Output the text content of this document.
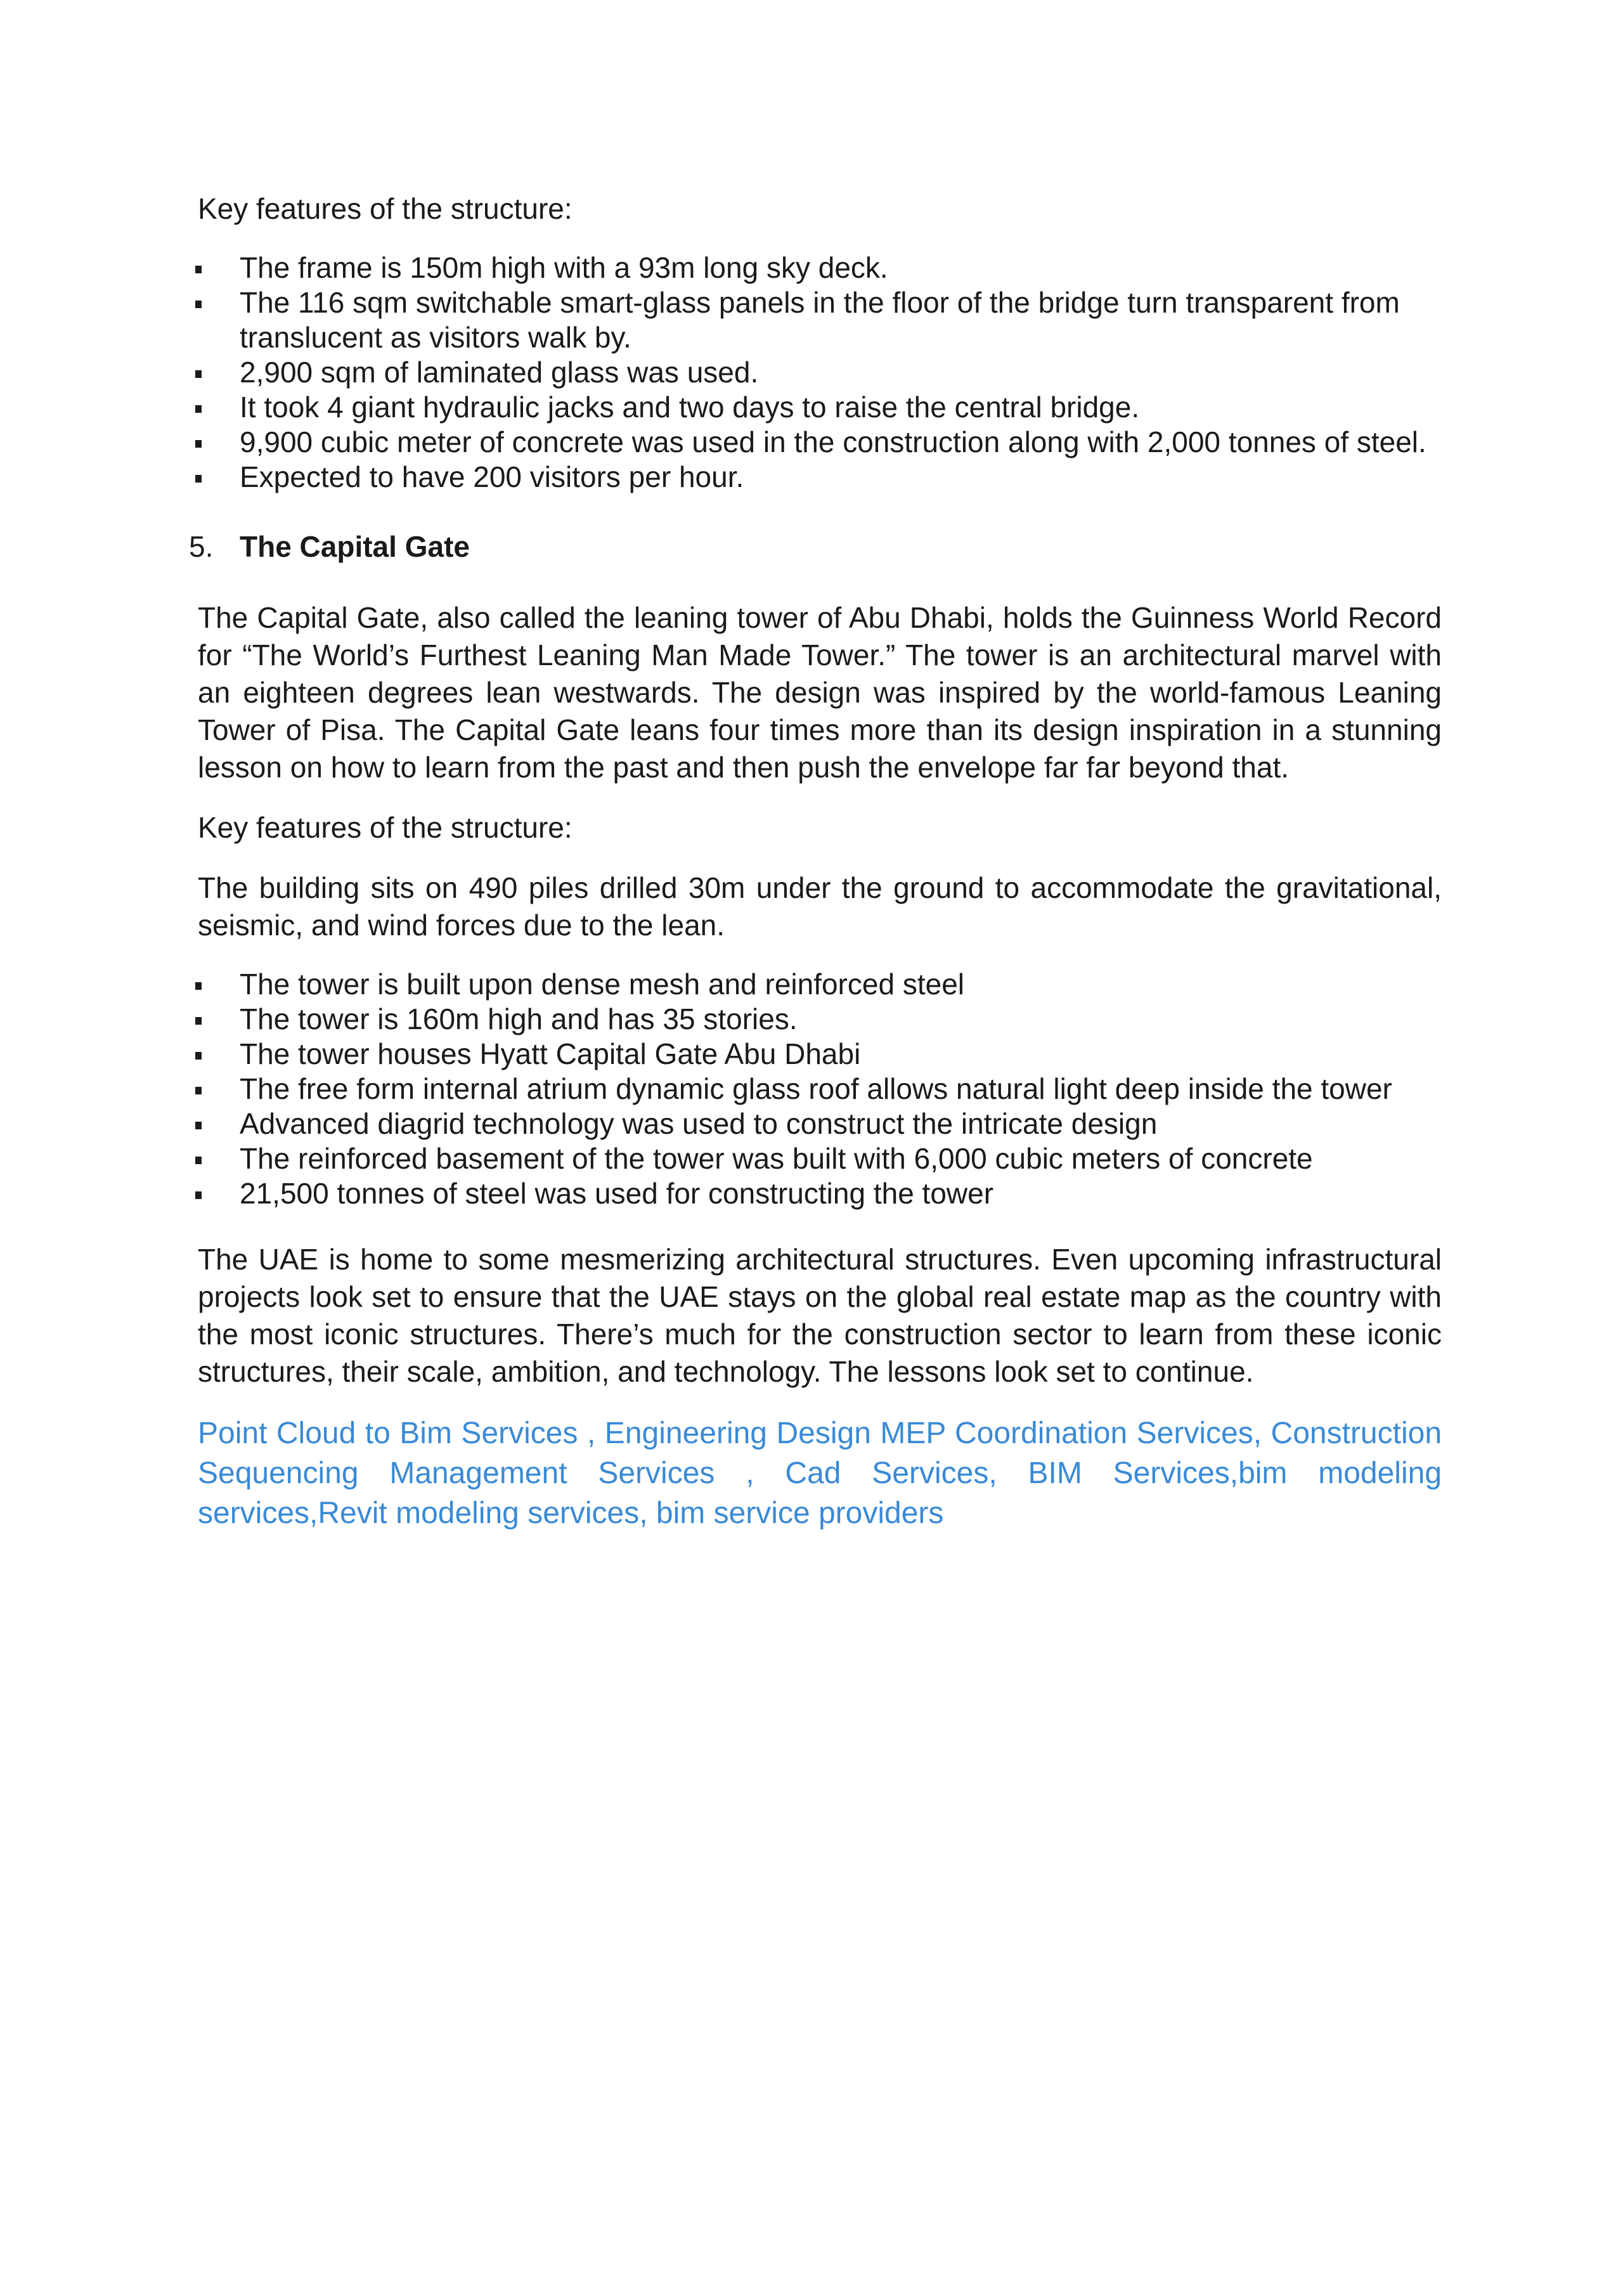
Key features of the structure:

The frame is 150m high with a 93m long sky deck.
The 116 sqm switchable smart-glass panels in the floor of the bridge turn transparent from translucent as visitors walk by.
2,900 sqm of laminated glass was used.
It took 4 giant hydraulic jacks and two days to raise the central bridge.
9,900 cubic meter of concrete was used in the construction along with 2,000 tonnes of steel.
Expected to have 200 visitors per hour.
5. The Capital Gate

The Capital Gate, also called the leaning tower of Abu Dhabi, holds the Guinness World Record for “The World’s Furthest Leaning Man Made Tower.” The tower is an architectural marvel with an eighteen degrees lean westwards. The design was inspired by the world-famous Leaning Tower of Pisa. The Capital Gate leans four times more than its design inspiration in a stunning lesson on how to learn from the past and then push the envelope far far beyond that.

Key features of the structure:

The building sits on 490 piles drilled 30m under the ground to accommodate the gravitational, seismic, and wind forces due to the lean.

The tower is built upon dense mesh and reinforced steel
The tower is 160m high and has 35 stories.
The tower houses Hyatt Capital Gate Abu Dhabi
The free form internal atrium dynamic glass roof allows natural light deep inside the tower
Advanced diagrid technology was used to construct the intricate design
The reinforced basement of the tower was built with 6,000 cubic meters of concrete
21,500 tonnes of steel was used for constructing the tower

The UAE is home to some mesmerizing architectural structures. Even upcoming infrastructural projects look set to ensure that the UAE stays on the global real estate map as the country with the most iconic structures. There’s much for the construction sector to learn from these iconic structures, their scale, ambition, and technology. The lessons look set to continue.

Point Cloud to Bim Services , Engineering Design MEP Coordination Services, Construction Sequencing Management Services , Cad Services, BIM Services,bim modeling services,Revit modeling services, bim service providers
